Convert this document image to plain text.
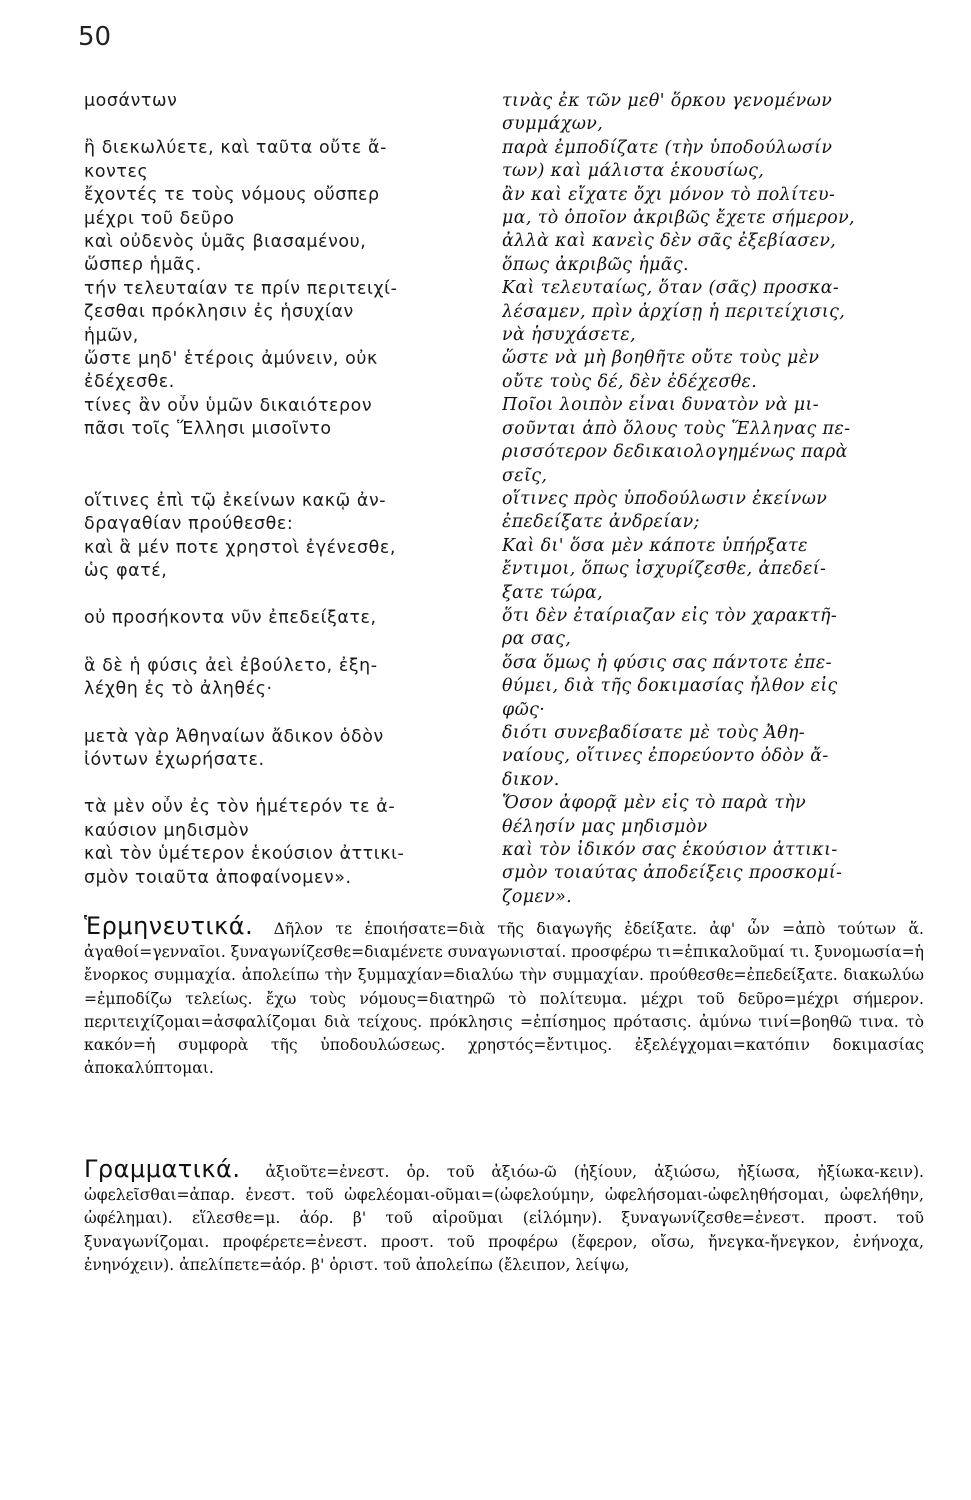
50
μοσάντων
ἢ διεκωλύετε, καὶ ταῦτα οὔτε ἄ-
κοντες
ἔχοντές τε τοὺς νόμους οὔσπερ
μέχρι τοῦ δεῦρο
καὶ οὐδενὸς ὑμᾶς βιασαμένου,
ὥσπερ ἡμᾶς.
τήν τελευταίαν τε πρίν περιτειχί-
ζεσθαι πρόκλησιν ἐς ἡσυχίαν
ἡμῶν,
ὥστε μηδ' ἑτέροις ἀμύνειν, οὐκ
ἐδέχεσθε.
τίνες ἂν οὖν ὑμῶν δικαιότερον
πᾶσι τοῖς Ἕλλησι μισοῖντο
οἵτινες ἐπὶ τῷ ἐκείνων κακῷ ἀν-
δραγαθίαν προύθεσθε:
καὶ ἃ μέν ποτε χρηστοὶ ἐγένεσθε,
ὡς φατέ,
οὐ προσήκοντα νῦν ἐπεδείξατε,
ἃ δὲ ἡ φύσις ἀεὶ ἐβούλετο, ἐξη-
λέχθη ἐς τὸ ἀληθές·
μετὰ γὰρ Ἀθηναίων ἄδικον ὁδὸν
ἰόντων ἐχωρήσατε.
τὰ μὲν οὖν ἐς τὸν ἡμέτερόν τε ἀ-
καύσιον μηδισμὸν
καὶ τὸν ὑμέτερον ἑκούσιον ἀττικι-
σμὸν τοιαῦτα ἀποφαίνομεν».
τινὰς ἐκ τῶν μεθ' ὅρκου γενομένων
συμμάχων,
παρὰ ἐμποδίζατε (τὴν ὑποδούλωσίν
των) καὶ μάλιστα ἑκουσίως,
ἂν καὶ εἴχατε ὄχι μόνον τὸ πολίτευ-
μα, τὸ ὁποῖον ἀκριβῶς ἔχετε σήμερον,
ἀλλὰ καὶ κανεὶς δὲν σᾶς ἐξεβίασεν,
ὅπως ἀκριβῶς ἡμᾶς.
Καὶ τελευταίως, ὅταν (σᾶς) προσκα-
λέσαμεν, πρὶν ἀρχίσῃ ἡ περιτείχισις,
νὰ ἡσυχάσετε,
ὥστε νὰ μὴ βοηθῆτε οὔτε τοὺς μὲν
οὔτε τοὺς δέ, δὲν ἐδέχεσθε.
Ποῖοι λοιπὸν εἶναι δυνατὸν νὰ μι-
σοῦνται ἀπὸ ὅλους τοὺς Ἕλληνας πε-
ρισσότερον δεδικαιολογημένως παρὰ
σεῖς,
οἵτινες πρὸς ὑποδούλωσιν ἐκείνων
ἐπεδείξατε ἀνδρείαν;
Καὶ δι' ὅσα μὲν κάποτε ὑπήρξατε
ἔντιμοι, ὅπως ἰσχυρίζεσθε, ἀπεδεί-
ξατε τώρα,
ὅτι δὲν ἐταίριαζαν εἰς τὸν χαρακτῆ-
ρα σας,
ὅσα ὅμως ἡ φύσις σας πάντοτε ἐπε-
θύμει, διὰ τῆς δοκιμασίας ἦλθον εἰς
φῶς·
διότι συνεβαδίσατε μὲ τοὺς Ἀθη-
ναίους, οἵτινες ἐπορεύοντο ὁδὸν ἄ-
δικον.
Ὅσον ἀφορᾷ μὲν εἰς τὸ παρὰ τὴν
θέλησίν μας μηδισμὸν
καὶ τὸν ἰδικόν σας ἑκούσιον ἀττικι-
σμὸν τοιαύτας ἀποδείξεις προσκομί-
ζομεν».
Ἑρμηνευτικά. Δῆλον τε ἐποιήσατε=διὰ τῆς διαγωγῆς ἐδείξατε. ἀφ' ὧν =ἀπὸ τούτων ἅ. ἀγαθοί=γενναῖοι. ξυναγωνίζεσθε=διαμένετε συναγωνισταί. προσφέρω τι=ἐπικαλοῦμαί τι. ξυνομωσία=ἡ ἔνορκος συμμαχία. ἀπολείπω τὴν ξυμμαχίαν=διαλύω τὴν συμμαχίαν. προύθεσθε=ἐπεδείξατε. διακωλύω =ἐμποδίζω τελείως. ἔχω τοὺς νόμους=διατηρῶ τὸ πολίτευμα. μέχρι τοῦ δεῦρο=μέχρι σήμερον. περιτειχίζομαι=ἀσφαλίζομαι διὰ τείχους. πρόκλησις =ἐπίσημος πρότασις. ἀμύνω τινί=βοηθῶ τινα. τὸ κακόν=ἡ συμφορὰ τῆς ὑποδουλώσεως. χρηστός=ἔντιμος. ἐξελέγχομαι=κατόπιν δοκιμασίας ἀποκαλύπτομαι.
Γραμματικά. ἀξιοῦτε=ἐνεστ. ὁρ. τοῦ ἀξιόω-ῶ (ἠξίουν, ἀξιώσω, ἠξίωσα, ἠξίωκα-κειν). ὠφελεῖσθαι=ἀπαρ. ἐνεστ. τοῦ ὠφελέομαι-οῦμαι=(ὠφελούμην, ὠφελήσομαι-ὠφεληθήσομαι, ὠφελήθην, ὠφέλημαι). εἵλεσθε=μ. ἀόρ. β' τοῦ αἱροῦμαι (εἱλόμην). ξυναγωνίζεσθε=ἐνεστ. προστ. τοῦ ξυναγωνίζομαι. προφέρετε=ἐνεστ. προστ. τοῦ προφέρω (ἔφερον, οἴσω, ἤνεγκα-ἤνεγκον, ἐνήνοχα, ἐνηνόχειν). ἀπελίπετε=ἀόρ. β' ὁριστ. τοῦ ἀπολείπω (ἔλειπον, λείψω,
